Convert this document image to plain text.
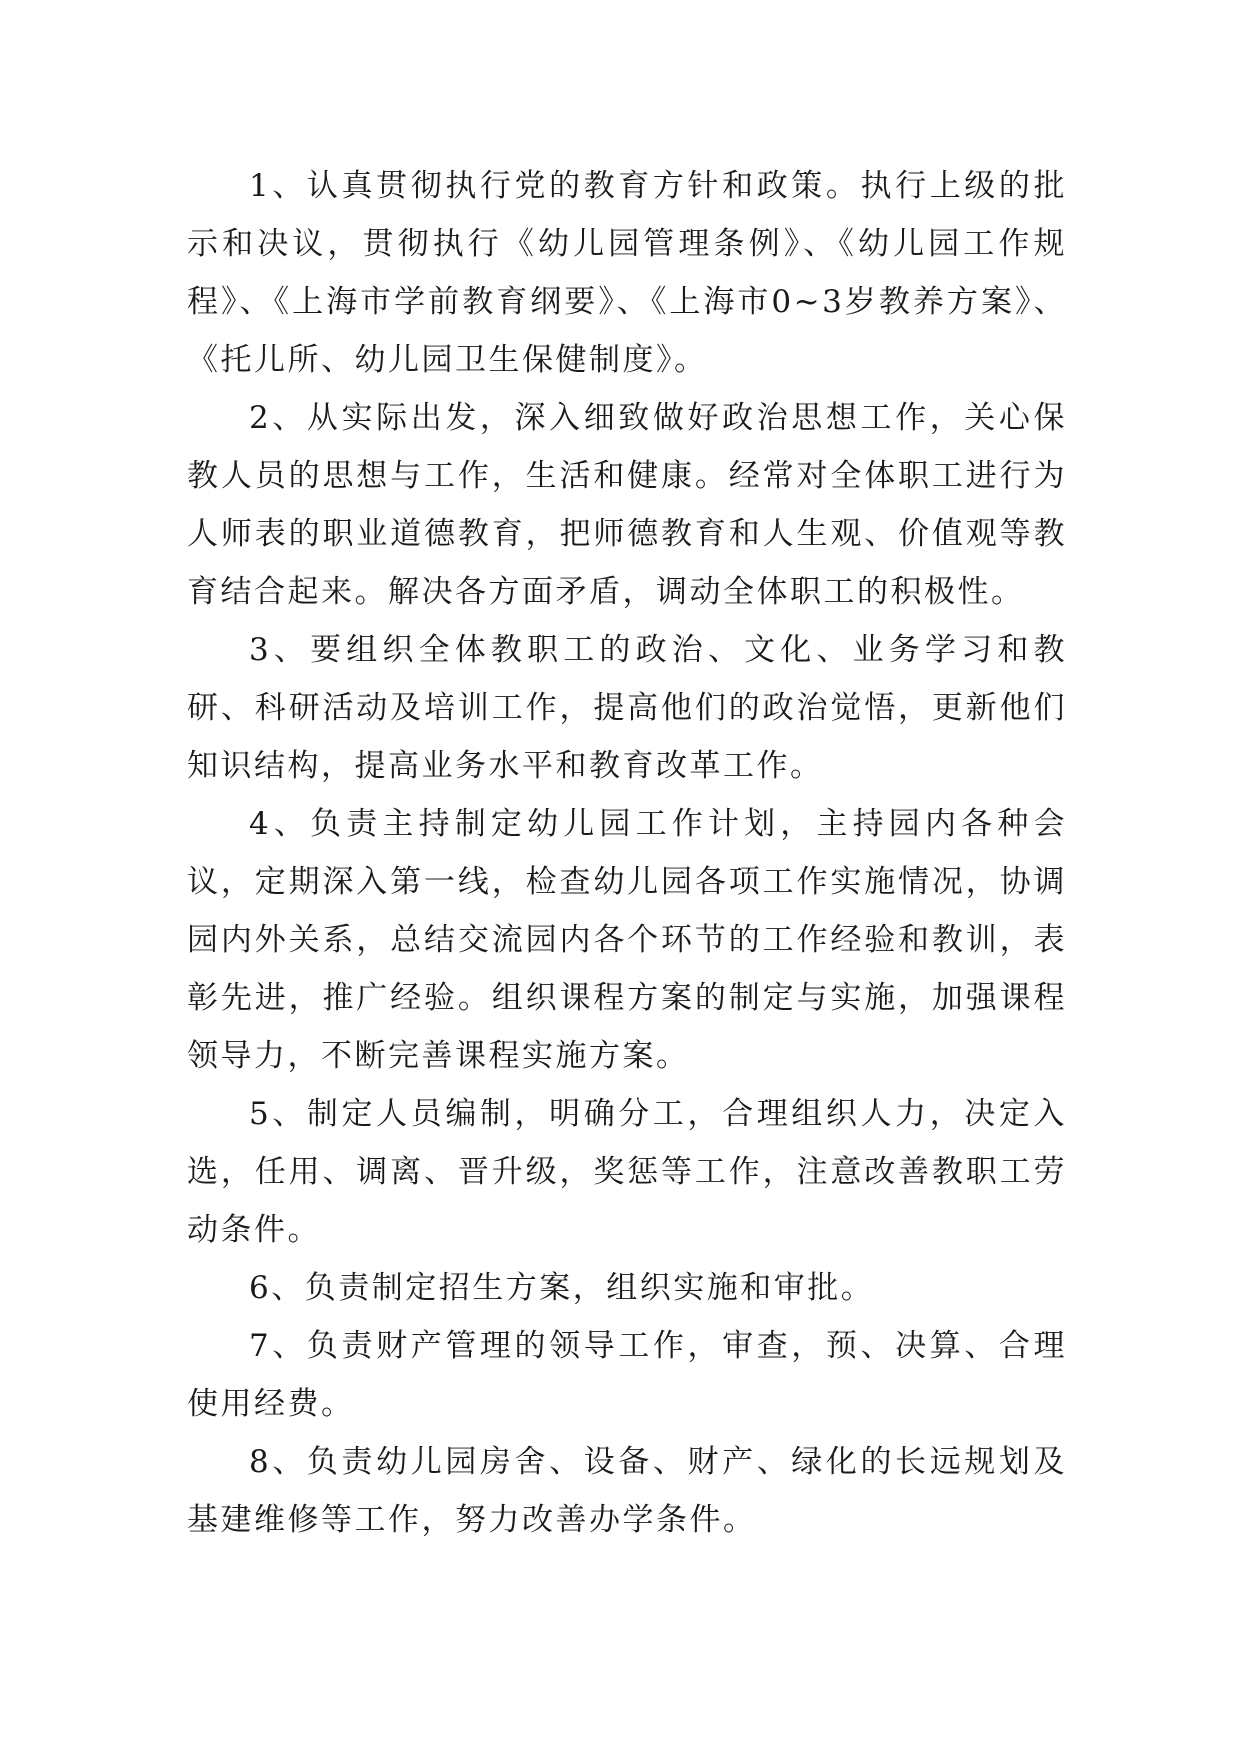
1、认真贯彻执行党的教育方针和政策。执行上级的批示和决议，贯彻执行《幼儿园管理条例》、《幼儿园工作规程》、《上海市学前教育纲要》、《上海市0~3岁教养方案》、《托儿所、幼儿园卫生保健制度》。

2、从实际出发，深入细致做好政治思想工作，关心保教人员的思想与工作，生活和健康。经常对全体职工进行为人师表的职业道德教育，把师德教育和人生观、价值观等教育结合起来。解决各方面矛盾，调动全体职工的积极性。

3、要组织全体教职工的政治、文化、业务学习和教研、科研活动及培训工作，提高他们的政治觉悟，更新他们知识结构，提高业务水平和教育改革工作。

4、负责主持制定幼儿园工作计划，主持园内各种会议，定期深入第一线，检查幼儿园各项工作实施情况，协调园内外关系，总结交流园内各个环节的工作经验和教训，表彰先进，推广经验。组织课程方案的制定与实施，加强课程领导力，不断完善课程实施方案。

5、制定人员编制，明确分工，合理组织人力，决定入选，任用、调离、晋升级，奖惩等工作，注意改善教职工劳动条件。

6、负责制定招生方案，组织实施和审批。

7、负责财产管理的领导工作，审查，预、决算、合理使用经费。

8、负责幼儿园房舍、设备、财产、绿化的长远规划及基建维修等工作，努力改善办学条件。
